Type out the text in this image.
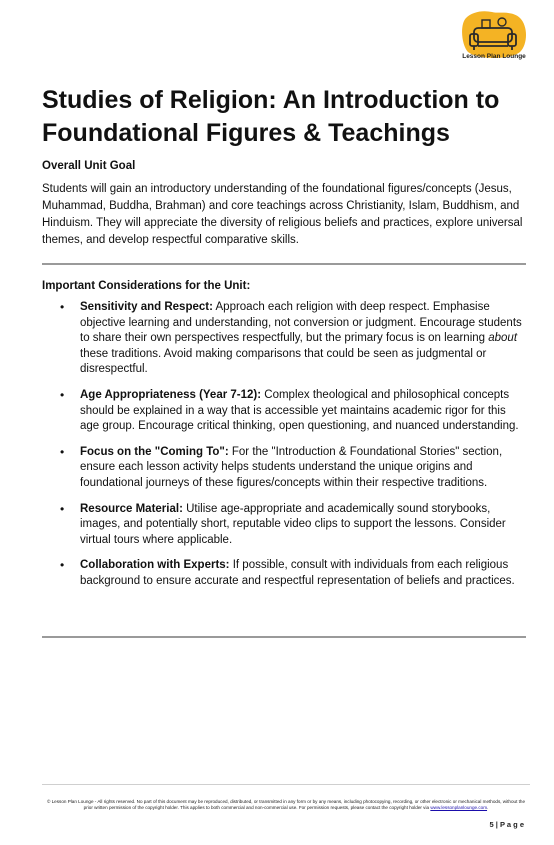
Lesson Plan Lounge
Studies of Religion: An Introduction to Foundational Figures & Teachings
Overall Unit Goal

Students will gain an introductory understanding of the foundational figures/concepts (Jesus, Muhammad, Buddha, Brahman) and core teachings across Christianity, Islam, Buddhism, and Hinduism. They will appreciate the diversity of religious beliefs and practices, explore universal themes, and develop respectful comparative skills.

Important Considerations for the Unit:
• Sensitivity and Respect: Approach each religion with deep respect. Emphasise objective learning and understanding, not conversion or judgment. Encourage students to share their own perspectives respectfully, but the primary focus is on learning about these traditions. Avoid making comparisons that could be seen as judgmental or disrespectful.
• Age Appropriateness (Year 7-12): Complex theological and philosophical concepts should be explained in a way that is accessible yet maintains academic rigor for this age group. Encourage critical thinking, open questioning, and nuanced understanding.
• Focus on the "Coming To": For the "Introduction & Foundational Stories" section, ensure each lesson activity helps students understand the unique origins and foundational journeys of these figures/concepts within their respective traditions.
• Resource Material: Utilise age-appropriate and academically sound storybooks, images, and potentially short, reputable video clips to support the lessons. Consider virtual tours where applicable.
• Collaboration with Experts: If possible, consult with individuals from each religious background to ensure accurate and respectful representation of beliefs and practices.
© Lesson Plan Lounge - All rights reserved. No part of this document may be reproduced, distributed, or transmitted in any form or by any means, including photocopying, recording, or other electronic or mechanical methods, without the prior written permission of the copyright holder. This applies to both commercial and non-commercial use. For permission requests, please contact the copyright holder via www.lessonplanlounge.com.
5 | P a g e
